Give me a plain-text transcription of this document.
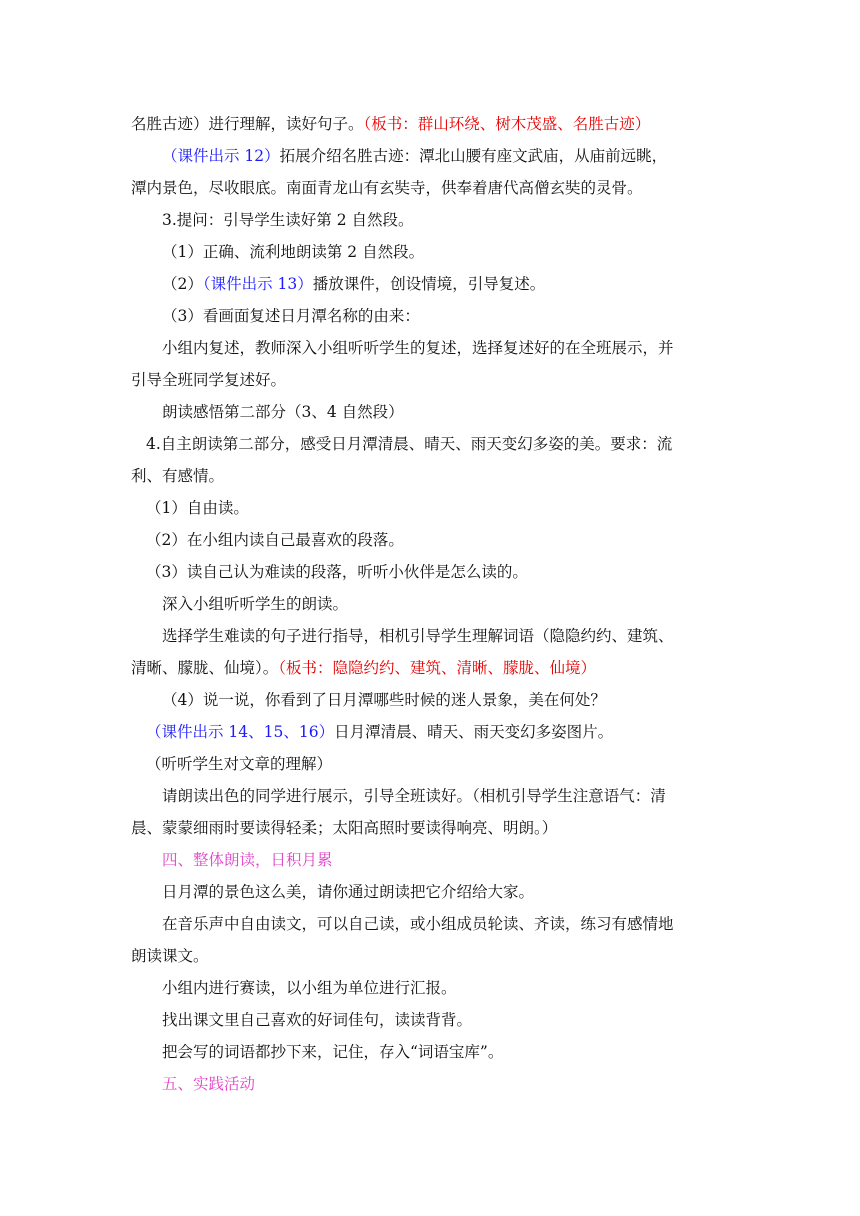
名胜古迹）进行理解，读好句子。（板书：群山环绕、树木茂盛、名胜古迹）
（课件出示 12）拓展介绍名胜古迹：潭北山腰有座文武庙，从庙前远眺，
潭内景色，尽收眼底。南面青龙山有玄奘寺，供奉着唐代高僧玄奘的灵骨。
3.提问：引导学生读好第 2 自然段。
（1）正确、流利地朗读第 2 自然段。
（2）（课件出示 13）播放课件，创设情境，引导复述。
（3）看画面复述日月潭名称的由来：
小组内复述，教师深入小组听听学生的复述，选择复述好的在全班展示，并
引导全班同学复述好。
朗读感悟第二部分（3、4 自然段）
4.自主朗读第二部分，感受日月潭清晨、晴天、雨天变幻多姿的美。要求：流
利、有感情。
（1）自由读。
（2）在小组内读自己最喜欢的段落。
（3）读自己认为难读的段落，听听小伙伴是怎么读的。
深入小组听听学生的朗读。
选择学生难读的句子进行指导，相机引导学生理解词语（隐隐约约、建筑、
清晰、朦胧、仙境）。（板书：隐隐约约、建筑、清晰、朦胧、仙境）
（4）说一说，你看到了日月潭哪些时候的迷人景象，美在何处？
（课件出示 14、15、16）日月潭清晨、晴天、雨天变幻多姿图片。
（听听学生对文章的理解）
请朗读出色的同学进行展示，引导全班读好。（相机引导学生注意语气：清
晨、蒙蒙细雨时要读得轻柔；太阳高照时要读得响亮、明朗。）
四、整体朗读，日积月累
日月潭的景色这么美，请你通过朗读把它介绍给大家。
在音乐声中自由读文，可以自己读，或小组成员轮读、齐读，练习有感情地
朗读课文。
小组内进行赛读，以小组为单位进行汇报。
找出课文里自己喜欢的好词佳句，读读背背。
把会写的词语都抄下来，记住，存入“词语宝库”。
五、实践活动
